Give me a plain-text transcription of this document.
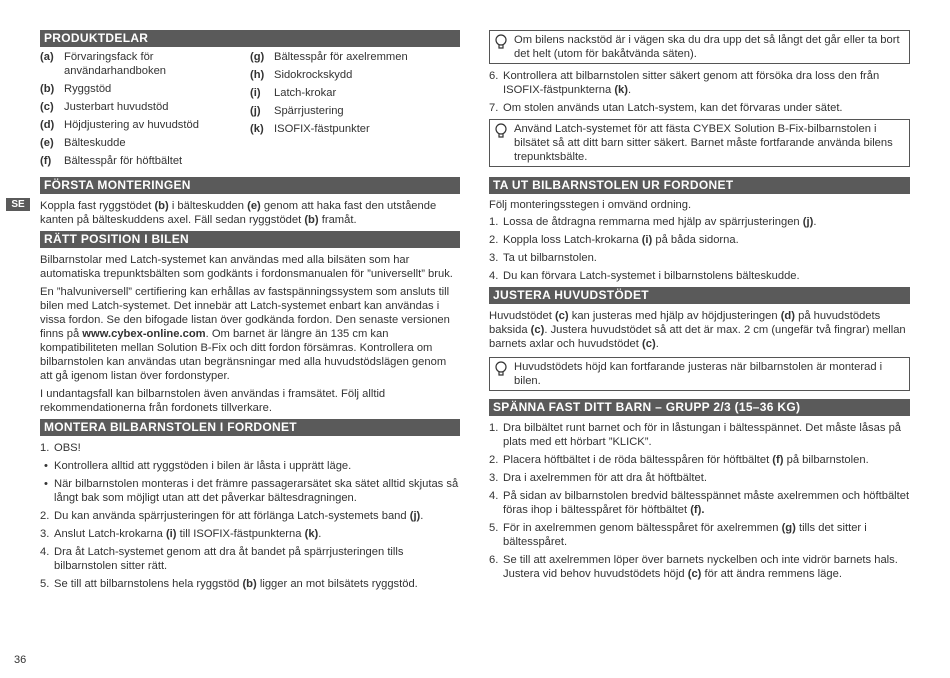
SE
PRODUKTDELAR
(a) Förvaringsfack för användarhandboken
(b) Ryggstöd
(c) Justerbart huvudstöd
(d) Höjdjustering av huvudstöd
(e) Bälteskudde
(f)	Bältesspår för höftbältet
(g) Bältesspår för axelremmen
(h) Sidokrockskydd
(i)	Latch-krokar
(j)	Spärrjustering
(k) ISOFIX-fästpunkter
FÖRSTA MONTERINGEN

Koppla fast ryggstödet (b) i bälteskudden (e) genom att haka fast den utstående kanten på bälteskuddens axel. Fäll sedan ryggstödet (b) framåt.

RÄTT POSITION I BILEN

Bilbarnstolar med Latch-systemet kan användas med alla bilsäten som har automatiska trepunktsbälten som godkänts i fordonsmanualen för ”universellt” bruk.

En ”halvuniversell” certifiering kan erhållas av fastspänningssystem som ansluts till bilen med Latch-systemet. Det innebär att Latch-systemet enbart kan användas i vissa fordon. Se den bifogade listan över godkända fordon. Den senaste versionen finns på www.cybex-online.com. Om barnet är längre än 135 cm kan kompatibiliteten mellan Solution B-Fix och ditt fordon försämras. Kontrollera om bilbarnstolen kan användas utan begränsningar med alla huvudstödslägen genom att gå igenom listan över fordonstyper.

I undantagsfall kan bilbarnstolen även användas i framsätet. Följ alltid rekommendationerna från fordonets tillverkare.

MONTERA BILBARNSTOLEN I FORDONET
1. OBS!
• Kontrollera alltid att ryggstöden i bilen är låsta i upprätt läge.
• När bilbarnstolen monteras i det främre passagerarsätet ska sätet alltid skjutas så långt bak som möjligt utan att det påverkar bältesdragningen.
2. Du kan använda spärrjusteringen för att förlänga Latch-systemets band (j).
3. Anslut Latch-krokarna (i) till ISOFIX-fästpunkterna (k).
4. Dra åt Latch-systemet genom att dra åt bandet på spärrjusteringen tills bilbarnstolen sitter rätt.
5. Se till att bilbarnstolens hela ryggstöd (b) ligger an mot bilsätets ryggstöd.
Om bilens nackstöd är i vägen ska du dra upp det så långt det går eller ta bort det helt (utom för bakåtvända säten).
6. Kontrollera att bilbarnstolen sitter säkert genom att försöka dra loss den från ISOFIX-fästpunkterna (k).
7. Om stolen används utan Latch-system, kan det förvaras under sätet.
Använd Latch-systemet för att fästa CYBEX Solution B-Fix-bilbarnstolen i bilsätet så att ditt barn sitter säkert. Barnet måste fortfarande använda bilens trepunktsbälte.
TA UT BILBARNSTOLEN UR FORDONET

Följ monteringsstegen i omvänd ordning.

1. Lossa de åtdragna remmarna med hjälp av spärrjusteringen (j).
2. Koppla loss Latch-krokarna (i) på båda sidorna.
3. Ta ut bilbarnstolen.
4. Du kan förvara Latch-systemet i bilbarnstolens bälteskudde.
JUSTERA HUVUDSTÖDET

Huvudstödet (c) kan justeras med hjälp av höjdjusteringen (d) på huvudstödets baksida (c). Justera huvudstödet så att det är max. 2 cm (ungefär två fingrar) mellan barnets axlar och huvudstödet (c).

Huvudstödets höjd kan fortfarande justeras när bilbarnstolen är monterad i bilen.
SPÄNNA FAST DITT BARN – GRUPP 2/3 (15–36 KG)
1. Dra bilbältet runt barnet och för in låstungan i bältesspännet. Det måste låsas på plats med ett hörbart ”KLICK”.
2. Placera höftbältet i de röda bältesspåren för höftbältet (f) på bilbarnstolen.
3. Dra i axelremmen för att dra åt höftbältet.
4. På sidan av bilbarnstolen bredvid bältesspännet måste axelremmen och höftbältet föras ihop i bältesspåret för höftbältet (f).
5. För in axelremmen genom bältesspåret för axelremmen (g) tills det sitter i bältesspåret.
6. Se till att axelremmen löper över barnets nyckelben och inte vidrör barnets hals. Justera vid behov huvudstödets höjd (c) för att ändra remmens läge.
36
